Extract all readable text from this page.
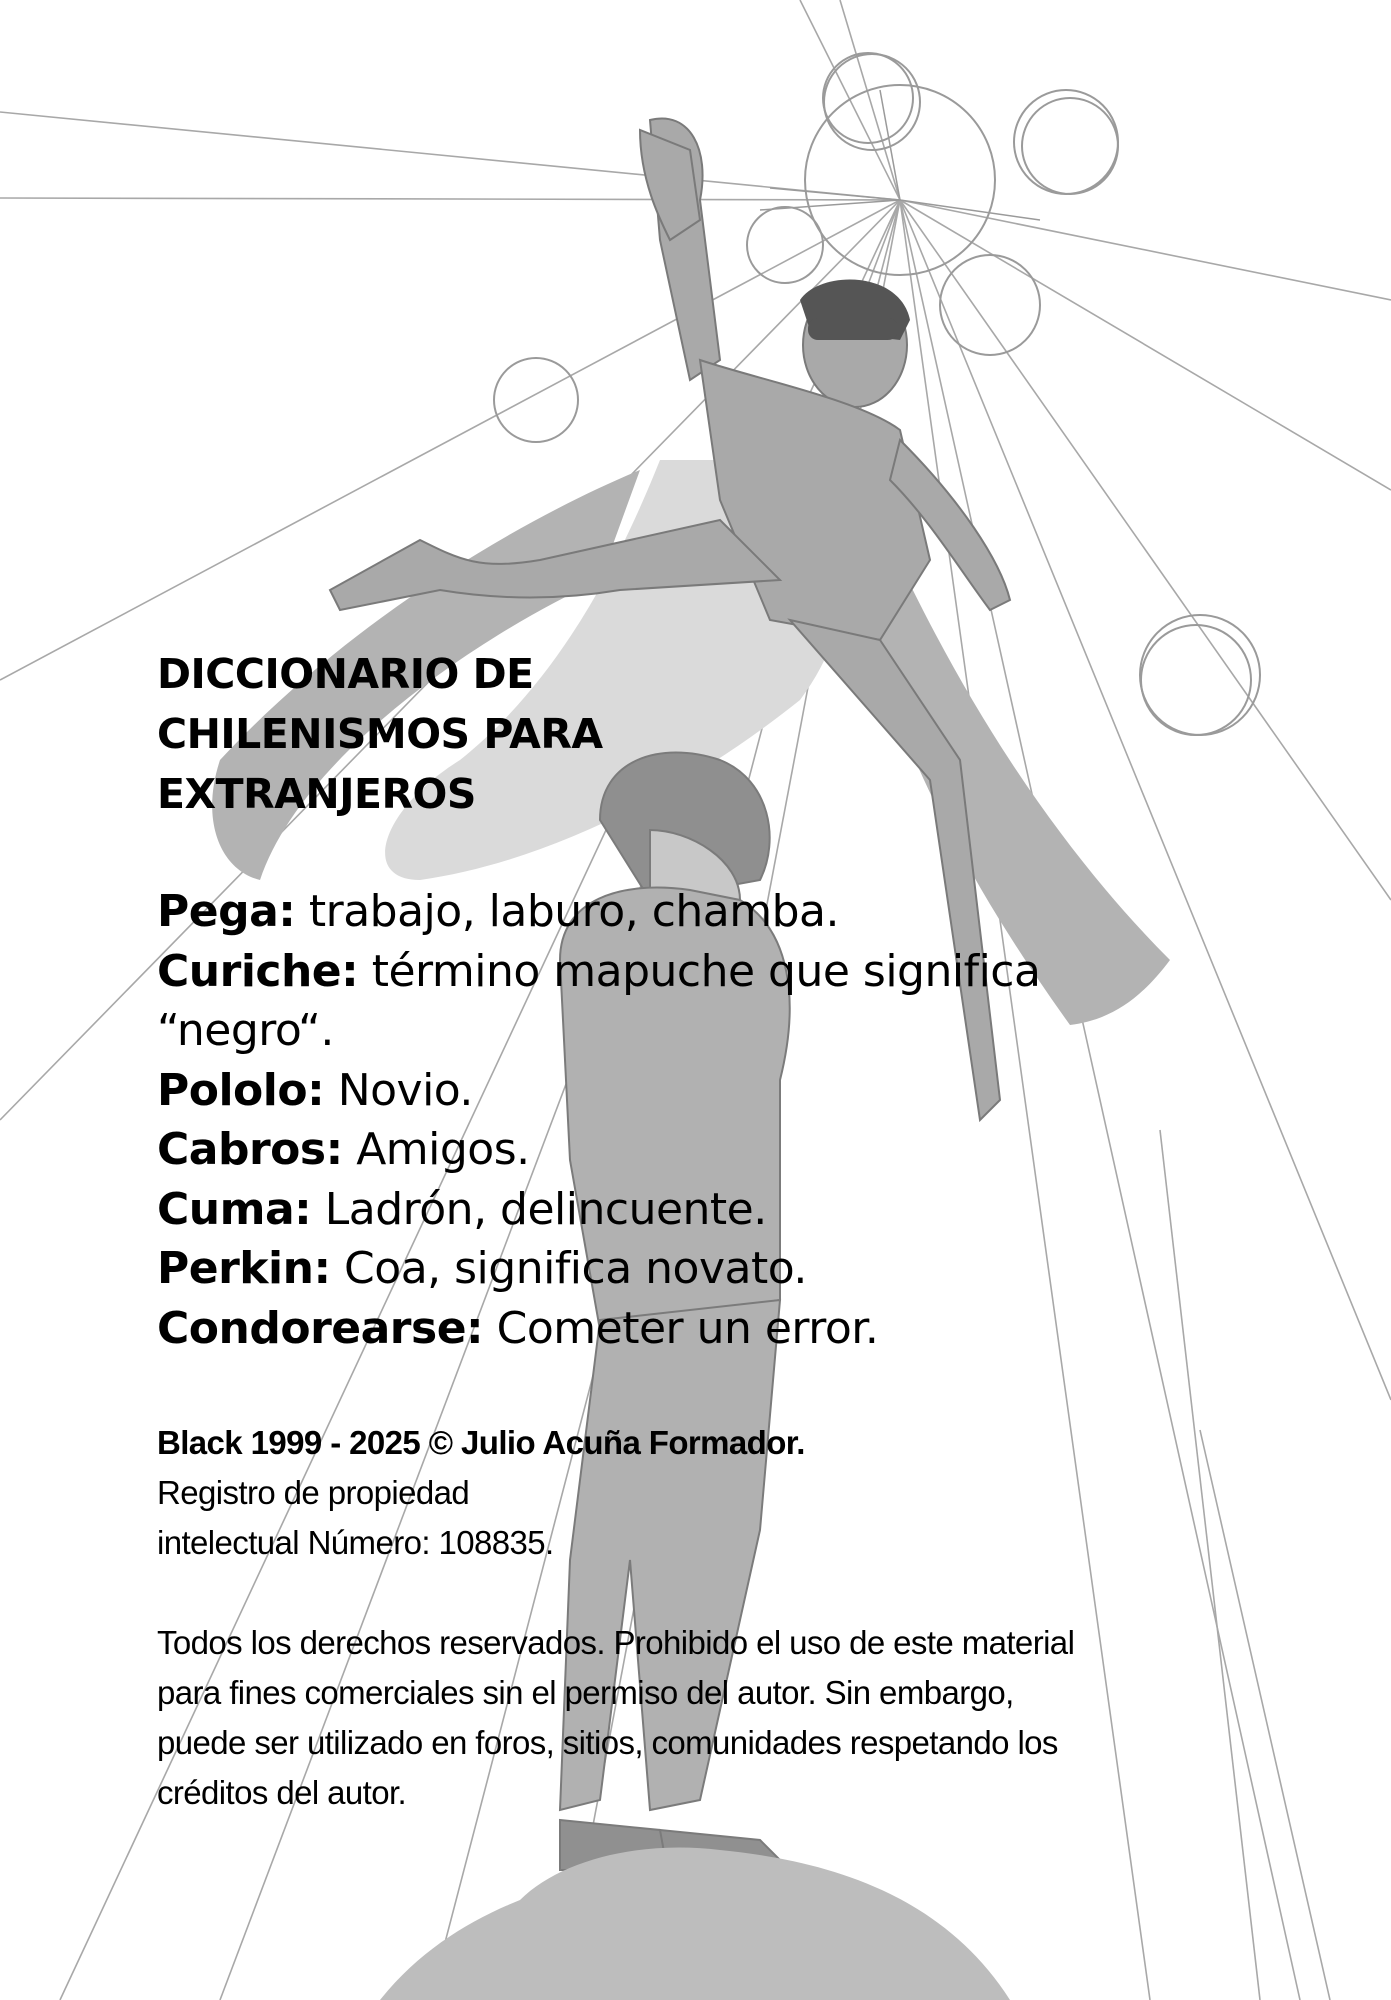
DICCIONARIO DE
CHILENISMOS PARA
EXTRANJEROS
Pega: trabajo, laburo, chamba.
Curiche: término mapuche que significa
“negro“.
Pololo: Novio.
Cabros: Amigos.
Cuma: Ladrón, delincuente.
Perkin: Coa, significa novato.
Condorearse: Cometer un error.
Black 1999 - 2025 © Julio Acuña Formador.
Registro de propiedad
intelectual Número: 108835.
Todos los derechos reservados. Prohibido el uso de este material
para fines comerciales sin el permiso del autor. Sin embargo,
puede ser utilizado en foros, sitios, comunidades respetando los
créditos del autor.
